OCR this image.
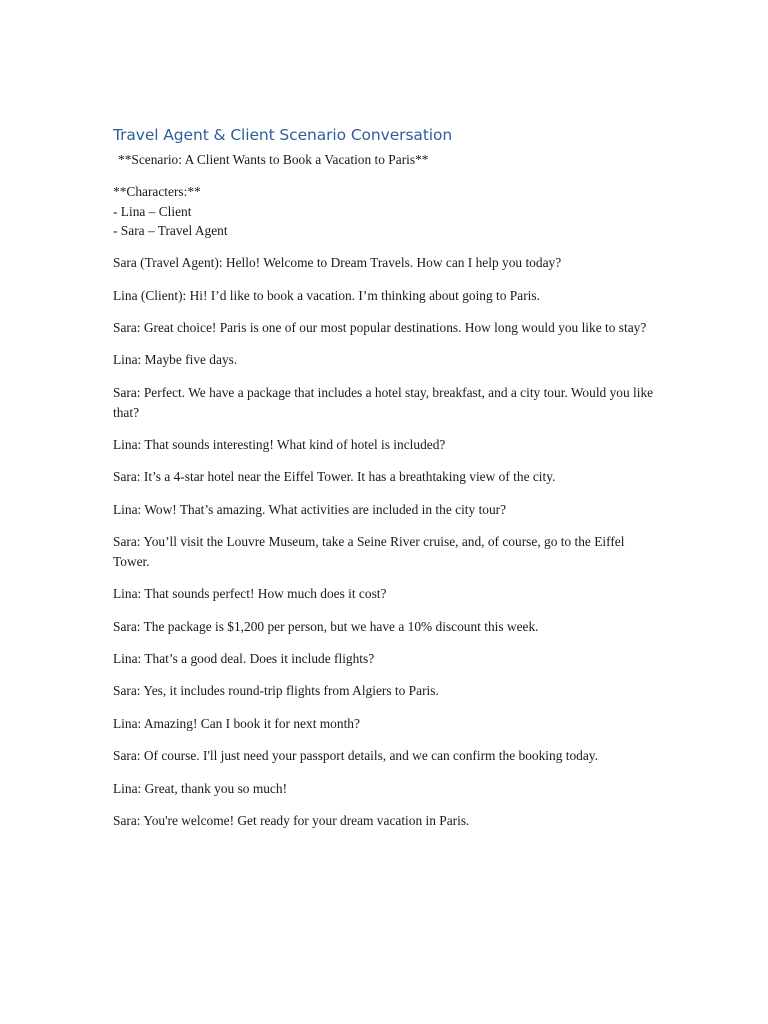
Travel Agent & Client Scenario Conversation
**Scenario: A Client Wants to Book a Vacation to Paris**
**Characters:**
- Lina – Client
- Sara – Travel Agent

Sara (Travel Agent): Hello! Welcome to Dream Travels. How can I help you today?

Lina (Client): Hi! I’d like to book a vacation. I’m thinking about going to Paris.

Sara: Great choice! Paris is one of our most popular destinations. How long would you like to stay?

Lina: Maybe five days.

Sara: Perfect. We have a package that includes a hotel stay, breakfast, and a city tour. Would you like that?

Lina: That sounds interesting! What kind of hotel is included?

Sara: It’s a 4-star hotel near the Eiffel Tower. It has a breathtaking view of the city.

Lina: Wow! That’s amazing. What activities are included in the city tour?

Sara: You’ll visit the Louvre Museum, take a Seine River cruise, and, of course, go to the Eiffel Tower.

Lina: That sounds perfect! How much does it cost?

Sara: The package is $1,200 per person, but we have a 10% discount this week.

Lina: That’s a good deal. Does it include flights?

Sara: Yes, it includes round-trip flights from Algiers to Paris.

Lina: Amazing! Can I book it for next month?

Sara: Of course. I'll just need your passport details, and we can confirm the booking today.

Lina: Great, thank you so much!

Sara: You're welcome! Get ready for your dream vacation in Paris.
